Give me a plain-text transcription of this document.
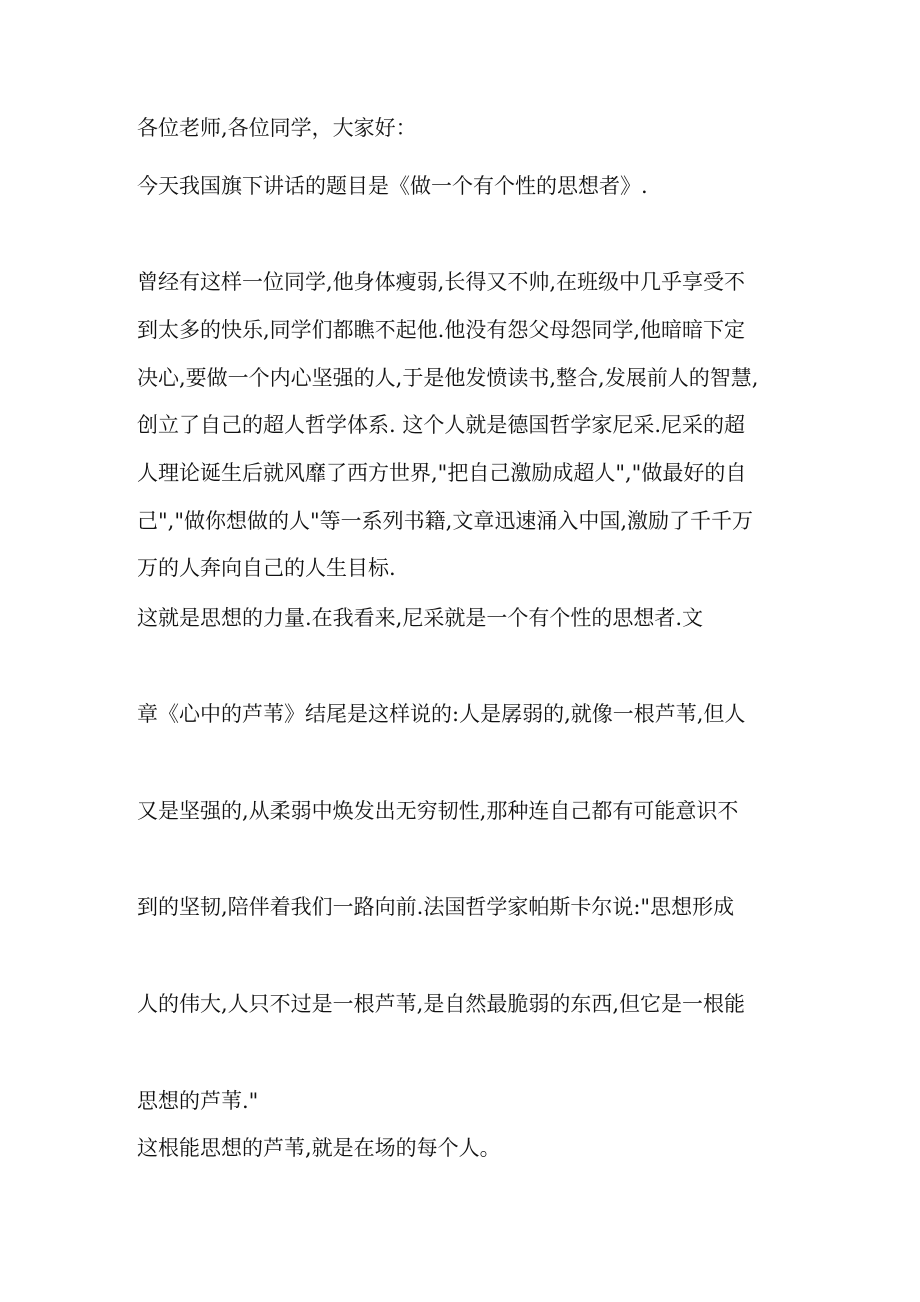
各位老师,各位同学，大家好：

今天我国旗下讲话的题目是《做一个有个性的思想者》.

曾经有这样一位同学,他身体瘦弱,长得又不帅,在班级中几乎享受不

到太多的快乐,同学们都瞧不起他.他没有怨父母怨同学,他暗暗下定

决心,要做一个内心坚强的人,于是他发愤读书,整合,发展前人的智慧,

创立了自己的超人哲学体系. 这个人就是德国哲学家尼采.尼采的超

人理论诞生后就风靡了西方世界,"把自己激励成超人","做最好的自

己","做你想做的人"等一系列书籍,文章迅速涌入中国,激励了千千万

万的人奔向自己的人生目标.

这就是思想的力量.在我看来,尼采就是一个有个性的思想者.文

章《心中的芦苇》结尾是这样说的:人是孱弱的,就像一根芦苇,但人

又是坚强的,从柔弱中焕发出无穷韧性,那种连自己都有可能意识不

到的坚韧,陪伴着我们一路向前.法国哲学家帕斯卡尔说:"思想形成

人的伟大,人只不过是一根芦苇,是自然最脆弱的东西,但它是一根能

思想的芦苇."

这根能思想的芦苇,就是在场的每个人。
